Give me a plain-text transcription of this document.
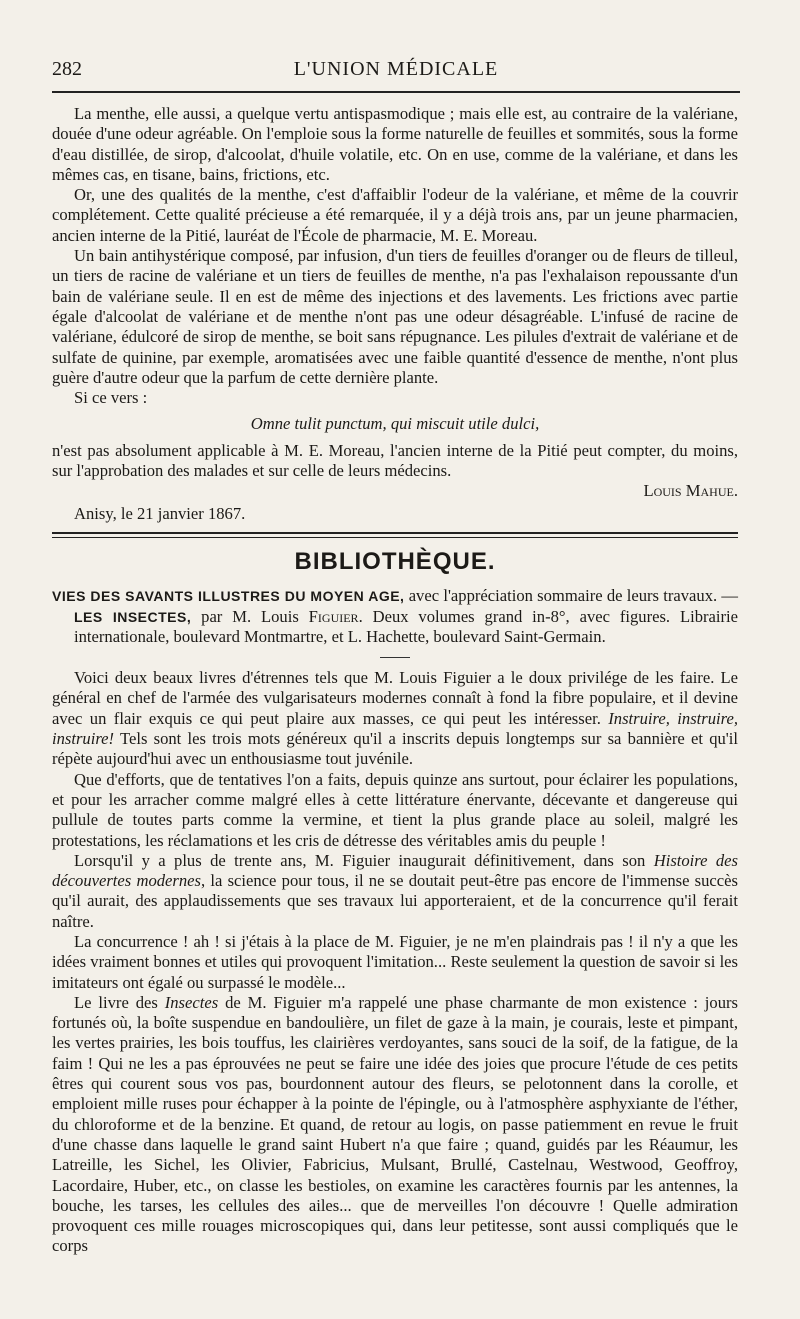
282	L'UNION MÉDICALE

La menthe, elle aussi, a quelque vertu antispasmodique ; mais elle est, au contraire de la valériane, douée d'une odeur agréable. On l'emploie sous la forme naturelle de feuilles et sommités, sous la forme d'eau distillée, de sirop, d'alcoolat, d'huile volatile, etc. On en use, comme de la valériane, et dans les mêmes cas, en tisane, bains, frictions, etc.

Or, une des qualités de la menthe, c'est d'affaiblir l'odeur de la valériane, et même de la couvrir complétement. Cette qualité précieuse a été remarquée, il y a déjà trois ans, par un jeune pharmacien, ancien interne de la Pitié, lauréat de l'École de pharmacie, M. E. Moreau.

Un bain antihystérique composé, par infusion, d'un tiers de feuilles d'oranger ou de fleurs de tilleul, un tiers de racine de valériane et un tiers de feuilles de menthe, n'a pas l'exhalaison repoussante d'un bain de valériane seule. Il en est de même des injections et des lavements. Les frictions avec partie égale d'alcoolat de valériane et de menthe n'ont pas une odeur désagréable. L'infusé de racine de valériane, édulcoré de sirop de menthe, se boit sans répugnance. Les pilules d'extrait de valériane et de sulfate de quinine, par exemple, aromatisées avec une faible quantité d'essence de menthe, n'ont plus guère d'autre odeur que la parfum de cette dernière plante.

Si ce vers :

Omne tulit punctum, qui miscuit utile dulci,

n'est pas absolument applicable à M. E. Moreau, l'ancien interne de la Pitié peut compter, du moins, sur l'approbation des malades et sur celle de leurs médecins.

Louis Mahue.

Anisy, le 21 janvier 1867.

BIBLIOTHÈQUE.

VIES DES SAVANTS ILLUSTRES DU MOYEN AGE, avec l'appréciation sommaire de leurs travaux. — LES INSECTES, par M. Louis Figuier. Deux volumes grand in-8°, avec figures. Librairie internationale, boulevard Montmartre, et L. Hachette, boulevard Saint-Germain.

Voici deux beaux livres d'étrennes tels que M. Louis Figuier a le doux privilége de les faire. Le général en chef de l'armée des vulgarisateurs modernes connaît à fond la fibre populaire, et il devine avec un flair exquis ce qui peut plaire aux masses, ce qui peut les intéresser. Instruire, instruire, instruire! Tels sont les trois mots généreux qu'il a inscrits depuis longtemps sur sa bannière et qu'il répète aujourd'hui avec un enthousiasme tout juvénile.

Que d'efforts, que de tentatives l'on a faits, depuis quinze ans surtout, pour éclairer les populations, et pour les arracher comme malgré elles à cette littérature énervante, décevante et dangereuse qui pullule de toutes parts comme la vermine, et tient la plus grande place au soleil, malgré les protestations, les réclamations et les cris de détresse des véritables amis du peuple !

Lorsqu'il y a plus de trente ans, M. Figuier inaugurait définitivement, dans son Histoire des découvertes modernes, la science pour tous, il ne se doutait peut-être pas encore de l'immense succès qu'il aurait, des applaudissements que ses travaux lui apporteraient, et de la concurrence qu'il ferait naître.

La concurrence ! ah ! si j'étais à la place de M. Figuier, je ne m'en plaindrais pas ! il n'y a que les idées vraiment bonnes et utiles qui provoquent l'imitation... Reste seulement la question de savoir si les imitateurs ont égalé ou surpassé le modèle...

Le livre des Insectes de M. Figuier m'a rappelé une phase charmante de mon existence : jours fortunés où, la boîte suspendue en bandoulière, un filet de gaze à la main, je courais, leste et pimpant, les vertes prairies, les bois touffus, les clairières verdoyantes, sans souci de la soif, de la fatigue, de la faim ! Qui ne les a pas éprouvées ne peut se faire une idée des joies que procure l'étude de ces petits êtres qui courent sous vos pas, bourdonnent autour des fleurs, se pelotonnent dans la corolle, et emploient mille ruses pour échapper à la pointe de l'épingle, ou à l'atmosphère asphyxiante de l'éther, du chloroforme et de la benzine. Et quand, de retour au logis, on passe patiemment en revue le fruit d'une chasse dans laquelle le grand saint Hubert n'a que faire ; quand, guidés par les Réaumur, les Latreille, les Sichel, les Olivier, Fabricius, Mulsant, Brullé, Castelnau, Westwood, Geoffroy, Lacordaire, Huber, etc., on classe les bestioles, on examine les caractères fournis par les antennes, la bouche, les tarses, les cellules des ailes... que de merveilles l'on découvre ! Quelle admiration provoquent ces mille rouages microscopiques qui, dans leur petitesse, sont aussi compliqués que le corps
